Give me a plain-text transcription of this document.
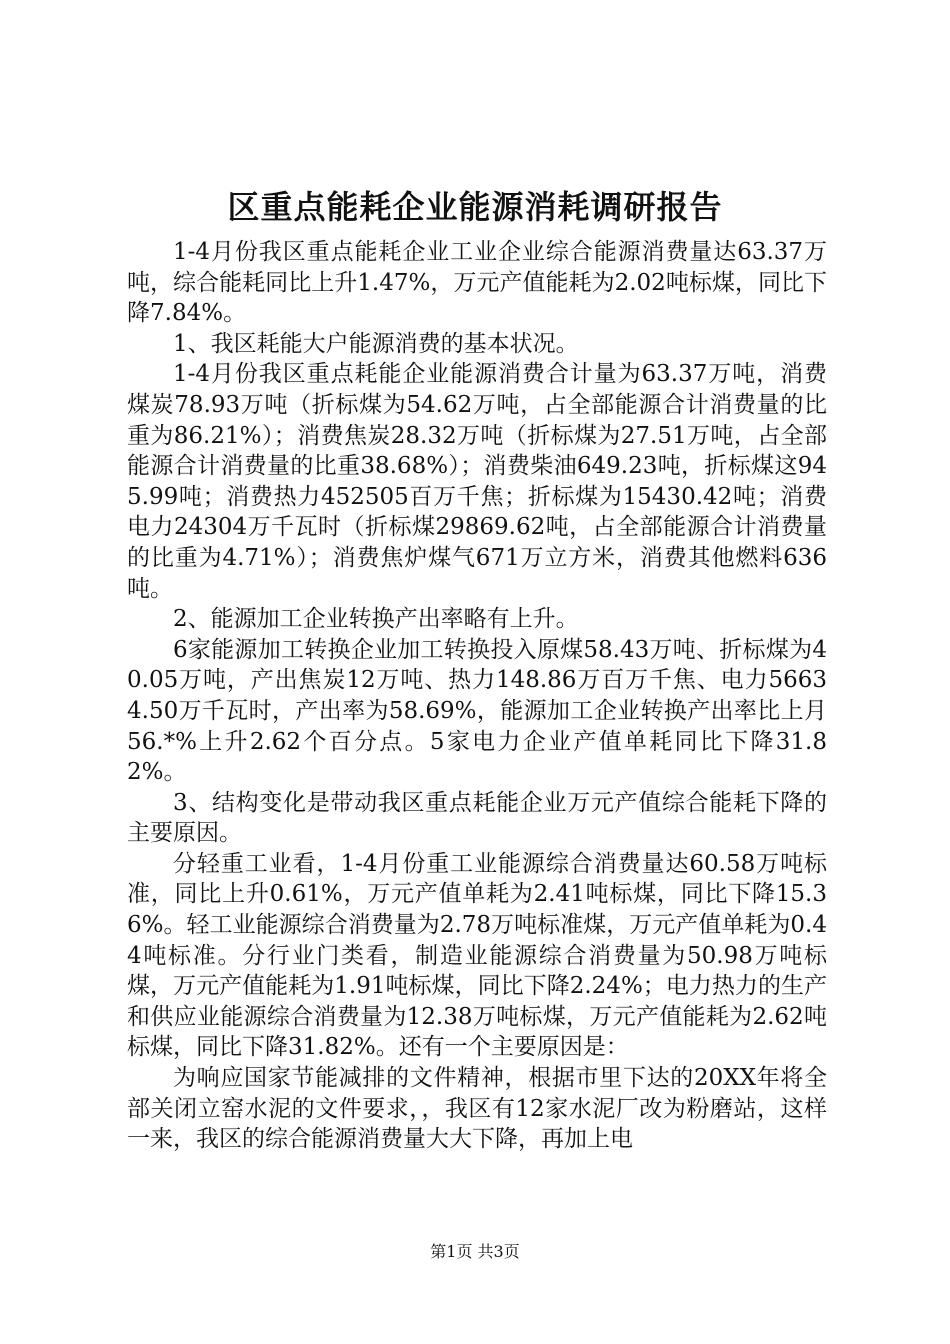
区重点能耗企业能源消耗调研报告

1-4月份我区重点能耗企业工业企业综合能源消费量达63.37万吨，综合能耗同比上升1.47%，万元产值能耗为2.02吨标煤，同比下降7.84%。

1、我区耗能大户能源消费的基本状况。

1-4月份我区重点耗能企业能源消费合计量为63.37万吨，消费煤炭78.93万吨（折标煤为54.62万吨，占全部能源合计消费量的比重为86.21%）；消费焦炭28.32万吨（折标煤为27.51万吨，占全部能源合计消费量的比重38.68%）；消费柴油649.23吨，折标煤这945.99吨；消费热力452505百万千焦；折标煤为15430.42吨；消费电力24304万千瓦时（折标煤29869.62吨，占全部能源合计消费量的比重为4.71%）；消费焦炉煤气671万立方米，消费其他燃料636吨。

2、能源加工企业转换产出率略有上升。

6家能源加工转换企业加工转换投入原煤58.43万吨、折标煤为40.05万吨，产出焦炭12万吨、热力148.86万百万千焦、电力56634.50万千瓦时，产出率为58.69%，能源加工企业转换产出率比上月56.*%上升2.62个百分点。5家电力企业产值单耗同比下降31.82%。

3、结构变化是带动我区重点耗能企业万元产值综合能耗下降的主要原因。

分轻重工业看，1-4月份重工业能源综合消费量达60.58万吨标准，同比上升0.61%，万元产值单耗为2.41吨标煤，同比下降15.36%。轻工业能源综合消费量为2.78万吨标准煤，万元产值单耗为0.44吨标准。分行业门类看，制造业能源综合消费量为50.98万吨标煤，万元产值能耗为1.91吨标煤，同比下降2.24%；电力热力的生产和供应业能源综合消费量为12.38万吨标煤，万元产值能耗为2.62吨标煤，同比下降31.82%。还有一个主要原因是：

为响应国家节能减排的文件精神，根据市里下达的20XX年将全部关闭立窑水泥的文件要求，，我区有12家水泥厂改为粉磨站，这样一来，我区的综合能源消费量大大下降，再加上电

第1页 共3页
